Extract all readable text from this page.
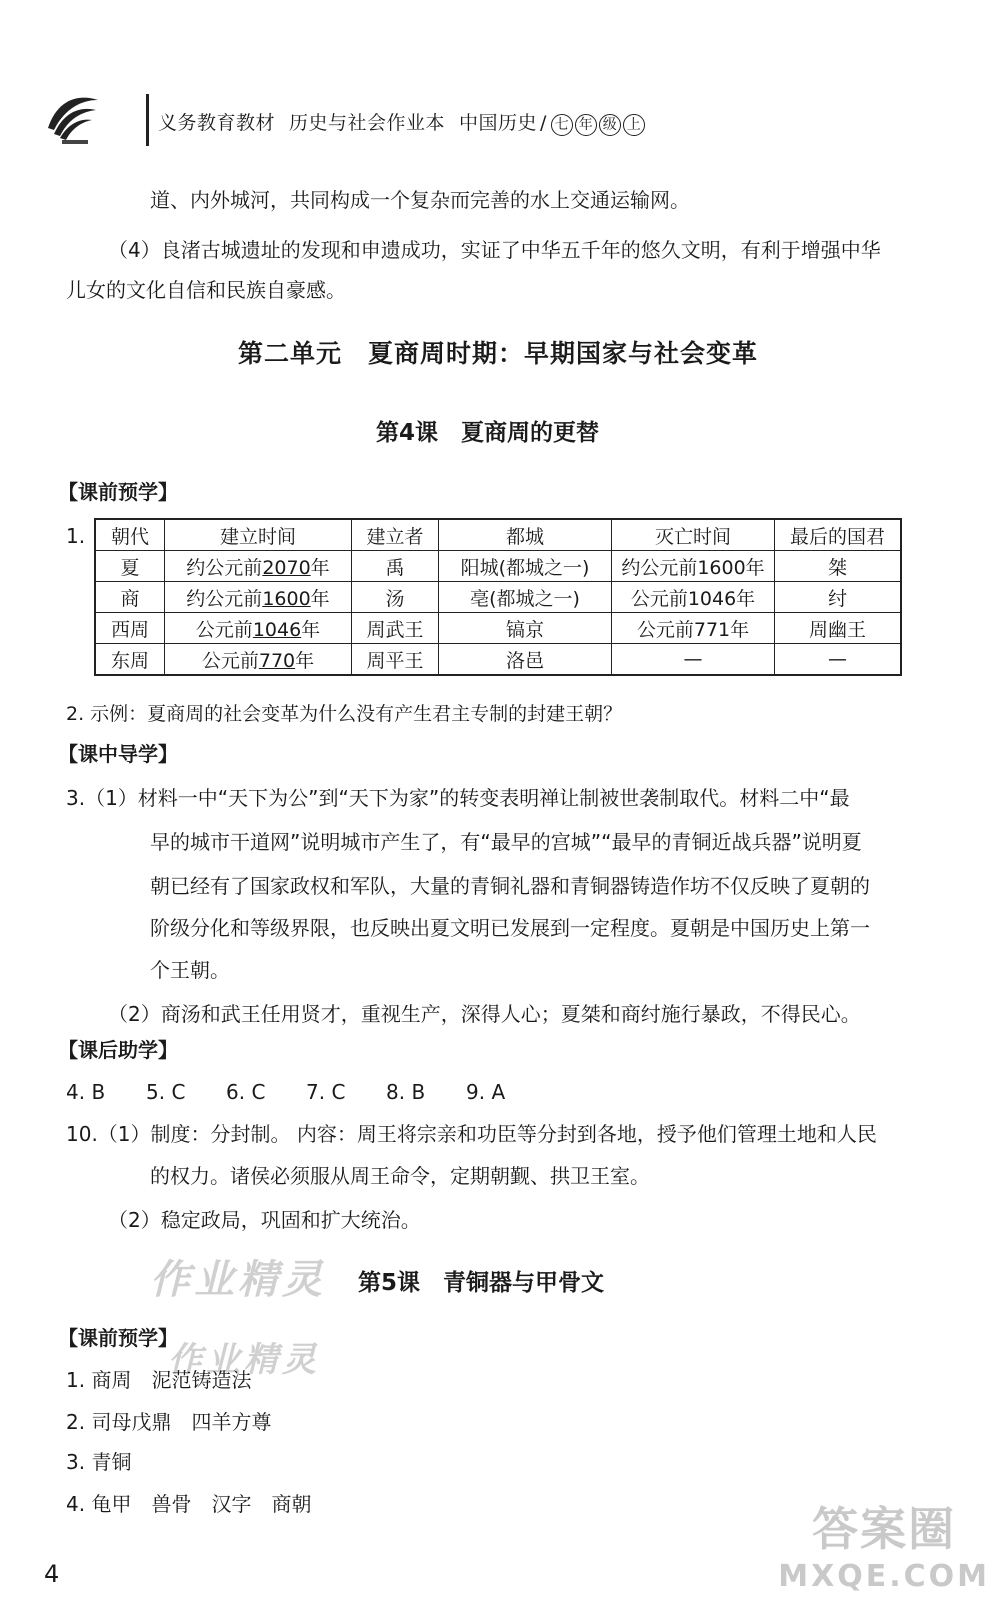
义务教育教材 历史与社会作业本 中国历史 / 七 年 级 上
道、内外城河，共同构成一个复杂而完善的水上交通运输网。
（4）良渚古城遗址的发现和申遗成功，实证了中华五千年的悠久文明，有利于增强中华
儿女的文化自信和民族自豪感。
第二单元　夏商周时期：早期国家与社会变革
第4课　夏商周的更替
【课前预学】
1. 朝代	建立时间	建立者	都城	灭亡时间	最后的国君
夏	约公元前2070年	禹	阳城(都城之一)	约公元前1600年	桀
商	约公元前1600年	汤	亳(都城之一)	公元前1046年	纣
西周	公元前1046年	周武王	镐京	公元前771年	周幽王
东周	公元前770年	周平王	洛邑	—	—
2. 示例：夏商周的社会变革为什么没有产生君主专制的封建王朝？
【课中导学】
3.（1）材料一中“天下为公”到“天下为家”的转变表明禅让制被世袭制取代。材料二中“最
早的城市干道网”说明城市产生了，有“最早的宫城”“最早的青铜近战兵器”说明夏
朝已经有了国家政权和军队，大量的青铜礼器和青铜器铸造作坊不仅反映了夏朝的
阶级分化和等级界限，也反映出夏文明已发展到一定程度。夏朝是中国历史上第一
个王朝。
（2）商汤和武王任用贤才，重视生产，深得人心；夏桀和商纣施行暴政，不得民心。
【课后助学】
4. B 5. C 6. C 7. C 8. B 9. A
10.（1）制度：分封制。 内容：周王将宗亲和功臣等分封到各地，授予他们管理土地和人民
的权力。诸侯必须服从周王命令，定期朝觐、拱卫王室。
（2）稳定政局，巩固和扩大统治。
作业精灵 第5课　青铜器与甲骨文
【课前预学】
作业精灵
1. 商周　泥范铸造法
2. 司母戊鼎　四羊方尊
3. 青铜
4. 龟甲　兽骨　汉字　商朝	答案圈
MXQE.COM
4
